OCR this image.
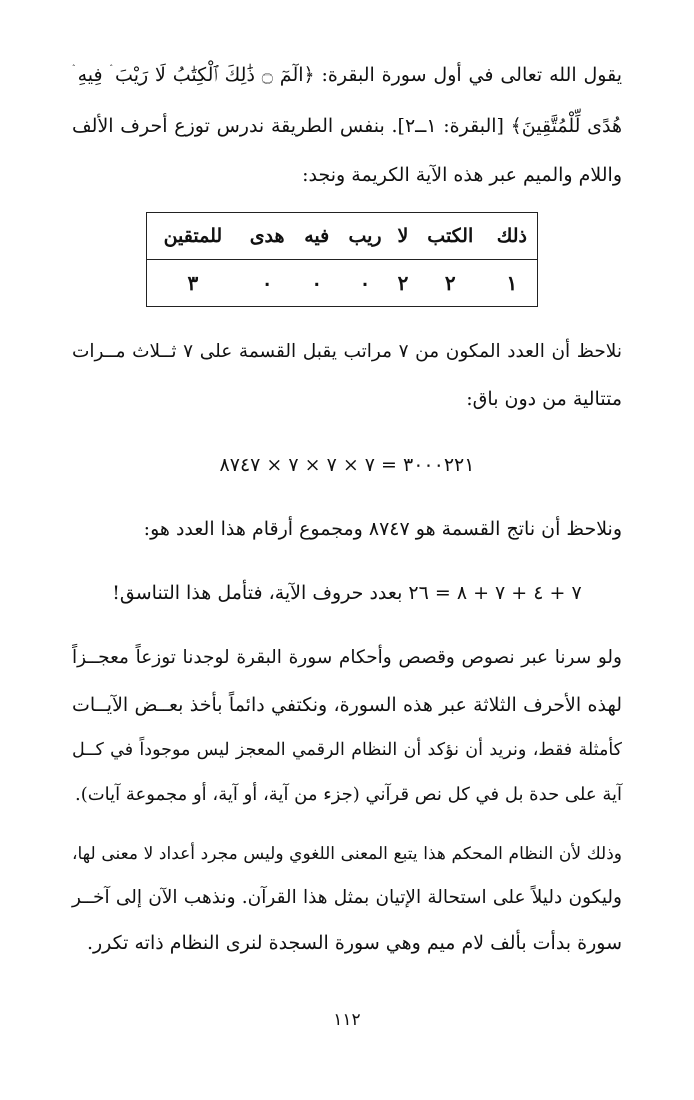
يقول الله تعالى في أول سورة البقرة: ﴿الٓمٓ ۝ ذَٰلِكَ ٱلْكِتَٰبُ لَا رَيْبَ ۛ فِيهِ ۛ
هُدًى لِّلْمُتَّقِينَ﴾ [البقرة: ١ــ٢]. بنفس الطريقة ندرس توزع أحرف الألف
واللام والميم عبر هذه الآية الكريمة ونجد:
ذلك	الكتب	لا	ريب	فيه	هدى	للمتقين
١	٢	٢	٠	٠	٠	٣
نلاحظ أن العدد المكون من ٧ مراتب يقبل القسمة على ٧ ثــلاث مــرات
متتالية من دون باق:
٣٠٠٠٢٢١ = ٧ × ٧ × ٧ × ٨٧٤٧
ونلاحظ أن ناتج القسمة هو ٨٧٤٧ ومجموع أرقام هذا العدد هو:
٧ + ٤ + ٧ + ٨ = ٢٦ بعدد حروف الآية، فتأمل هذا التناسق!
ولو سرنا عبر نصوص وقصص وأحكام سورة البقرة لوجدنا توزعاً معجــزاً
لهذه الأحرف الثلاثة عبر هذه السورة، ونكتفي دائماً بأخذ بعــض الآيــات
كأمثلة فقط، ونريد أن نؤكد أن النظام الرقمي المعجز ليس موجوداً في كــل
آية على حدة بل في كل نص قرآني (جزء من آية، أو آية، أو مجموعة آيات).
وذلك لأن النظام المحكم هذا يتبع المعنى اللغوي وليس مجرد أعداد لا معنى لها،
وليكون دليلاً على استحالة الإتيان بمثل هذا القرآن. ونذهب الآن إلى آخــر
سورة بدأت بألف لام ميم وهي سورة السجدة لنرى النظام ذاته تكرر.
١١٢
